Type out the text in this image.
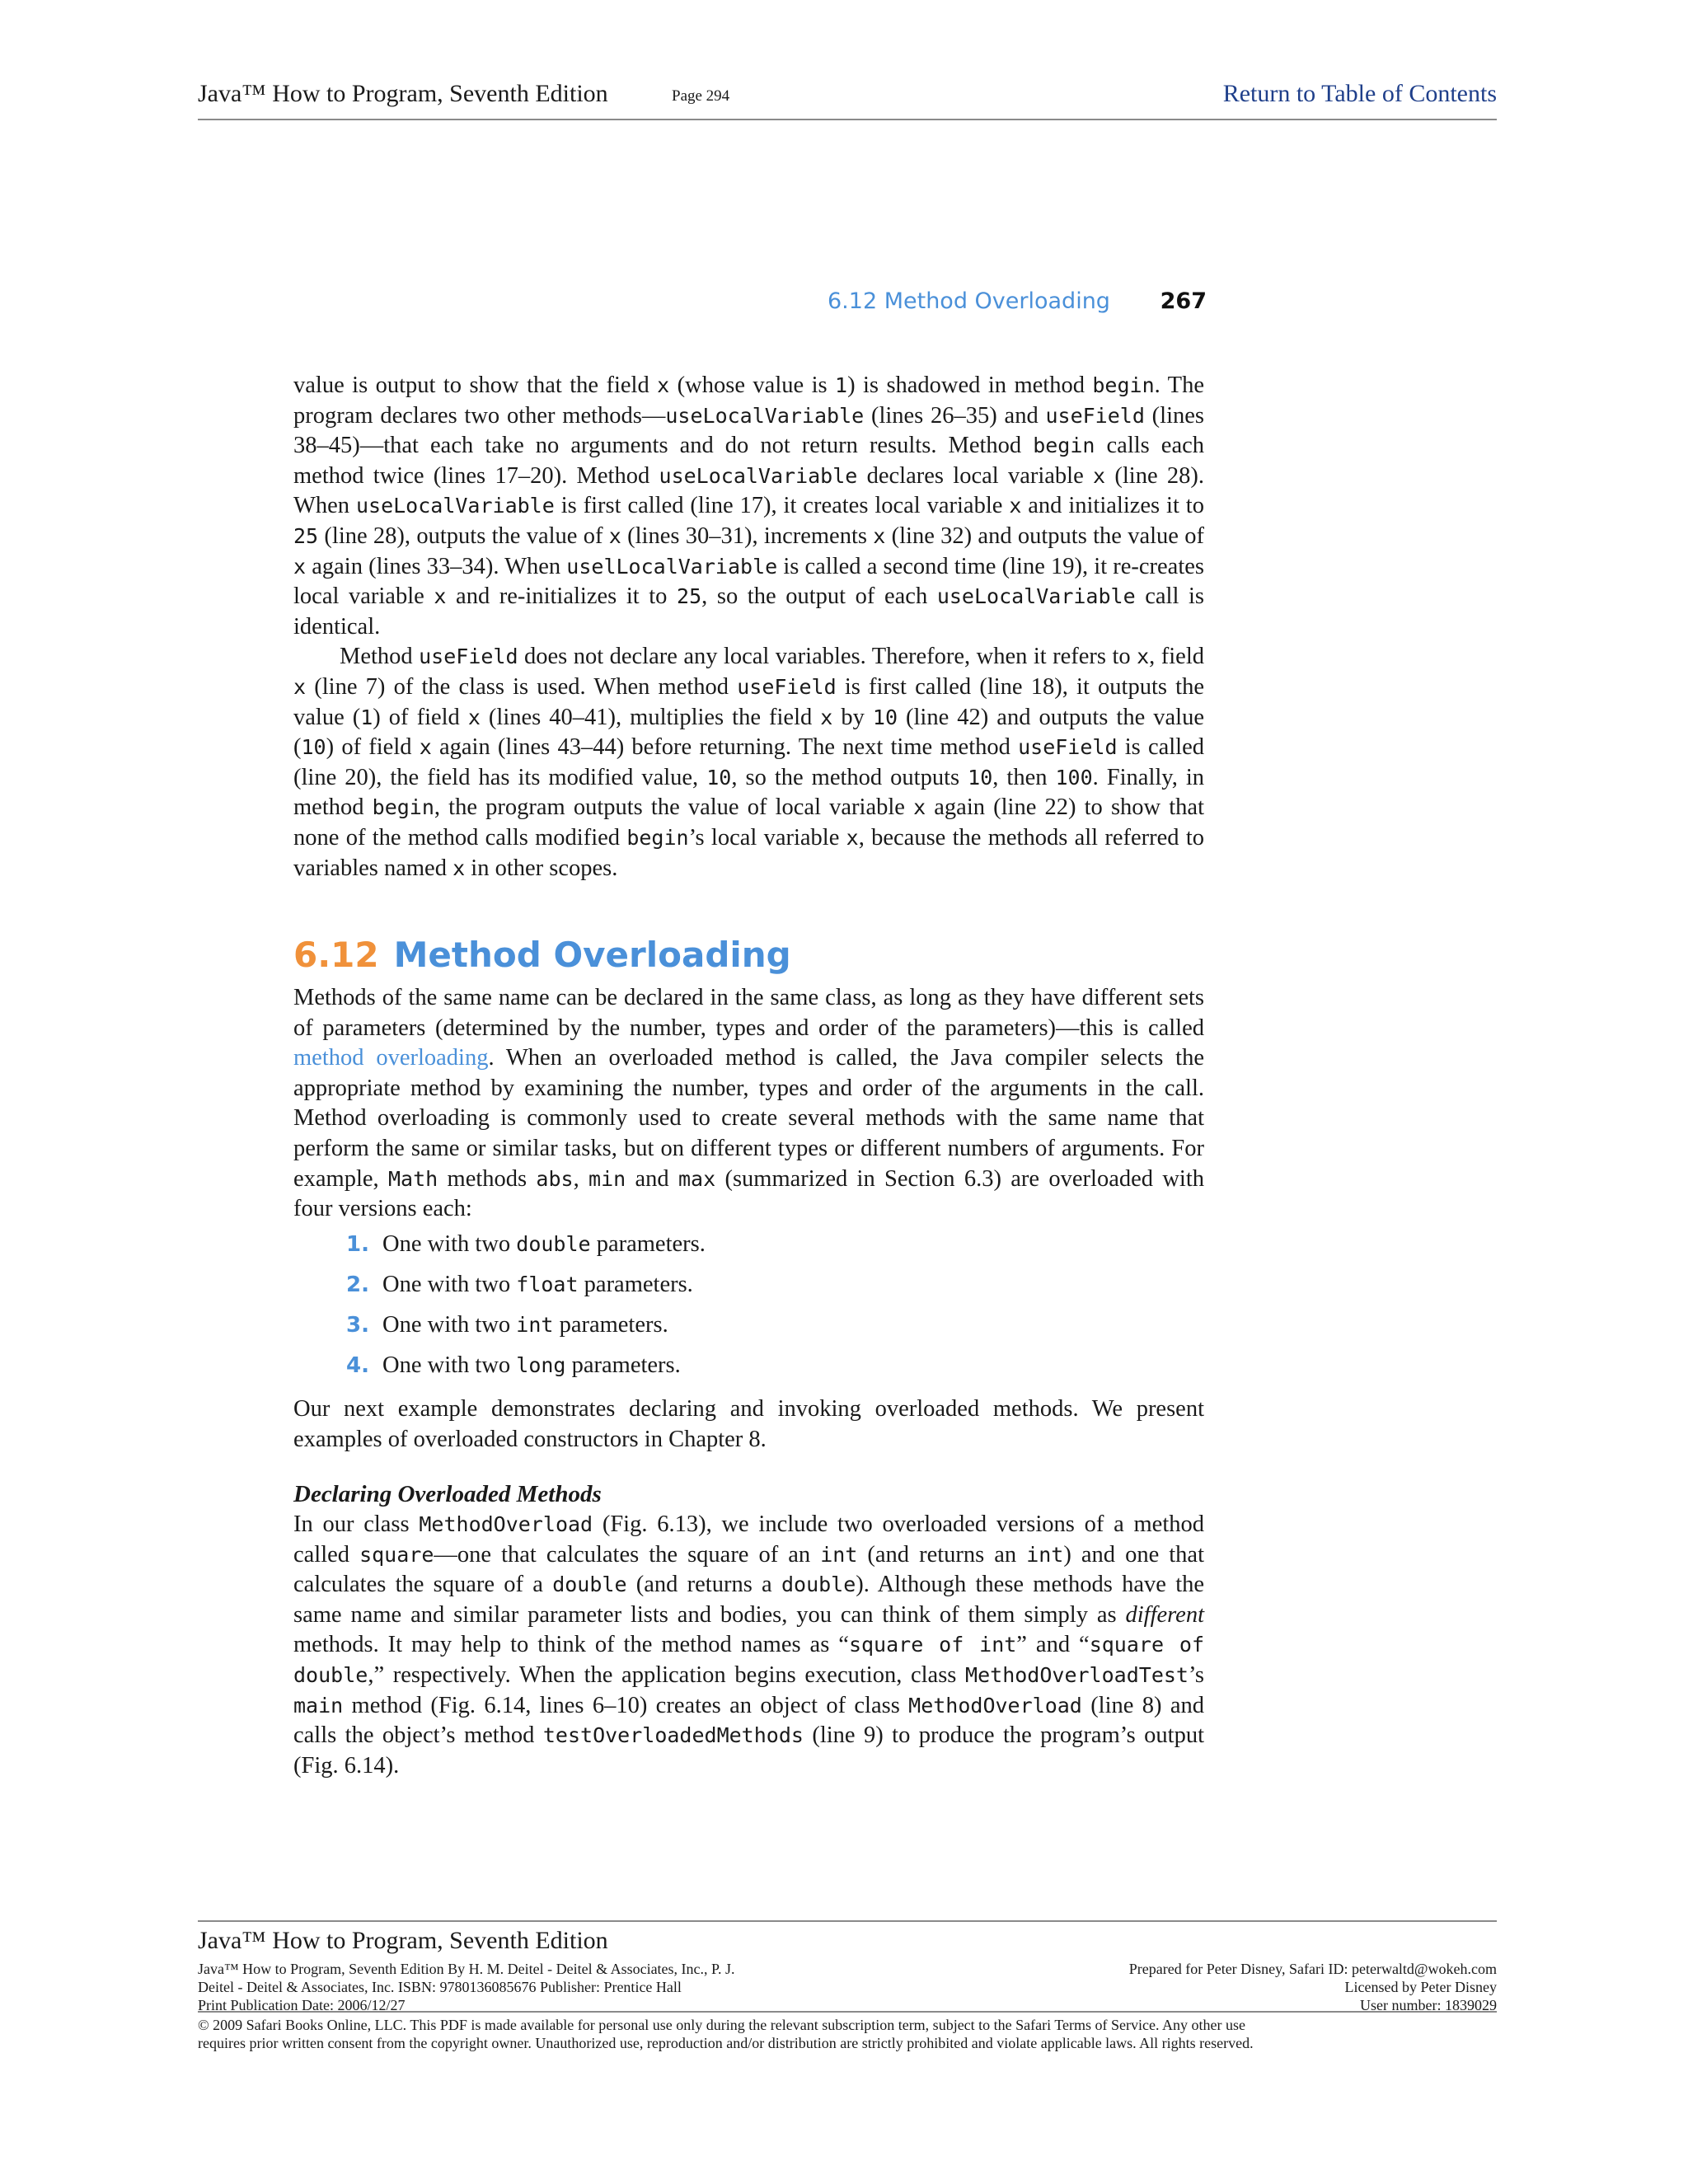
Java™ How to Program, Seventh Edition	Page 294	Return to Table of Contents
6.12 Method Overloading 267

value is output to show that the field x (whose value is 1) is shadowed in method begin. The program declares two other methods—useLocalVariable (lines 26–35) and useField (lines 38–45)—that each take no arguments and do not return results. Method begin calls each method twice (lines 17–20). Method useLocalVariable declares local variable x (line 28). When useLocalVariable is first called (line 17), it creates local variable x and initializes it to 25 (line 28), outputs the value of x (lines 30–31), increments x (line 32) and outputs the value of x again (lines 33–34). When uselLocalVariable is called a second time (line 19), it re-creates local variable x and re-initializes it to 25, so the output of each useLocalVariable call is identical.

Method useField does not declare any local variables. Therefore, when it refers to x, field x (line 7) of the class is used. When method useField is first called (line 18), it outputs the value (1) of field x (lines 40–41), multiplies the field x by 10 (line 42) and outputs the value (10) of field x again (lines 43–44) before returning. The next time method useField is called (line 20), the field has its modified value, 10, so the method outputs 10, then 100. Finally, in method begin, the program outputs the value of local variable x again (line 22) to show that none of the method calls modified begin’s local variable x, because the methods all referred to variables named x in other scopes.

6.12 Method Overloading

Methods of the same name can be declared in the same class, as long as they have different sets of parameters (determined by the number, types and order of the parameters)—this is called method overloading. When an overloaded method is called, the Java compiler selects the appropriate method by examining the number, types and order of the arguments in the call. Method overloading is commonly used to create several methods with the same name that perform the same or similar tasks, but on different types or different numbers of arguments. For example, Math methods abs, min and max (summarized in Section 6.3) are overloaded with four versions each:

1. One with two double parameters.
2. One with two float parameters.
3. One with two int parameters.
4. One with two long parameters.

Our next example demonstrates declaring and invoking overloaded methods. We present examples of overloaded constructors in Chapter 8.

Declaring Overloaded Methods

In our class MethodOverload (Fig. 6.13), we include two overloaded versions of a method called square—one that calculates the square of an int (and returns an int) and one that calculates the square of a double (and returns a double). Although these methods have the same name and similar parameter lists and bodies, you can think of them simply as different methods. It may help to think of the method names as “square of int” and “square of double,” respectively. When the application begins execution, class MethodOverloadTest’s main method (Fig. 6.14, lines 6–10) creates an object of class MethodOverload (line 8) and calls the object’s method testOverloadedMethods (line 9) to produce the program’s output (Fig. 6.14).

Java™ How to Program, Seventh Edition
Java™ How to Program, Seventh Edition By H. M. Deitel - Deitel & Associates, Inc., P. J.
Deitel - Deitel & Associates, Inc. ISBN: 9780136085676 Publisher: Prentice Hall
Print Publication Date: 2006/12/27
Prepared for Peter Disney, Safari ID: peterwaltd@wokeh.com
Licensed by Peter Disney
User number: 1839029
© 2009 Safari Books Online, LLC. This PDF is made available for personal use only during the relevant subscription term, subject to the Safari Terms of Service. Any other use
requires prior written consent from the copyright owner. Unauthorized use, reproduction and/or distribution are strictly prohibited and violate applicable laws. All rights reserved.
